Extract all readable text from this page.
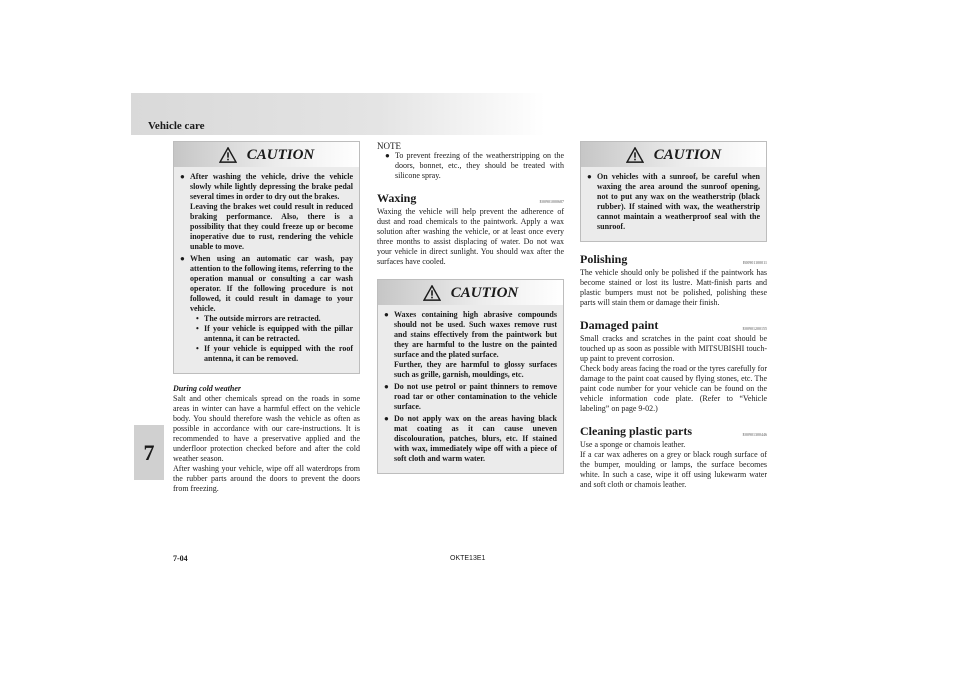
Vehicle care
7
CAUTION
● After washing the vehicle, drive the vehicle slowly while lightly depressing the brake pedal several times in order to dry out the brakes.

Leaving the brakes wet could result in reduced braking performance. Also, there is a possibility that they could freeze up or become inoperative due to rust, rendering the vehicle unable to move.

● When using an automatic car wash, pay attention to the following items, referring to the operation manual or consulting a car wash operator. If the following procedure is not followed, it could result in damage to your vehicle.

• The outside mirrors are retracted.
• If your vehicle is equipped with the pillar antenna, it can be retracted.
• If your vehicle is equipped with the roof antenna, it can be removed.
During cold weather

Salt and other chemicals spread on the roads in some areas in winter can have a harmful effect on the vehicle body. You should therefore wash the vehicle as often as possible in accordance with our care-instructions. It is recommended to have a preservative applied and the underfloor protection checked before and after the cold weather season.

After washing your vehicle, wipe off all waterdrops from the rubber parts around the doors to prevent the doors from freezing.

NOTE
● To prevent freezing of the weatherstripping on the doors, bonnet, etc., they should be treated with silicone spray.
Waxing	E00901000687

Waxing the vehicle will help prevent the adherence of dust and road chemicals to the paintwork. Apply a wax solution after washing the vehicle, or at least once every three months to assist displacing of water. Do not wax your vehicle in direct sunlight. You should wax after the surfaces have cooled.

CAUTION
● Waxes containing high abrasive compounds should not be used. Such waxes remove rust and stains effectively from the paintwork but they are harmful to the lustre on the painted surface and the plated surface.

Further, they are harmful to glossy surfaces such as grille, garnish, mouldings, etc.

● Do not use petrol or paint thinners to remove road tar or other contamination to the vehicle surface.

● Do not apply wax on the areas having black mat coating as it can cause uneven discolouration, patches, blurs, etc. If stained with wax, immediately wipe off with a piece of soft cloth and warm water.

CAUTION
● On vehicles with a sunroof, be careful when waxing the area around the sunroof opening, not to put any wax on the weatherstrip (black rubber). If stained with wax, the weatherstrip cannot maintain a weatherproof seal with the sunroof.

Polishing	E00901100011

The vehicle should only be polished if the paintwork has become stained or lost its lustre. Matt-finish parts and plastic bumpers must not be polished, polishing these parts will stain them or damage their finish.

Damaged paint	E00901200155

Small cracks and scratches in the paint coat should be touched up as soon as possible with MITSUBISHI touch-up paint to prevent corrosion.

Check body areas facing the road or the tyres carefully for damage to the paint coat caused by flying stones, etc. The paint code number for your vehicle can be found on the vehicle information code plate. (Refer to “Vehicle labeling” on page 9-02.)

Cleaning plastic parts	E00901300446

Use a sponge or chamois leather.

If a car wax adheres on a grey or black rough surface of the bumper, moulding or lamps, the surface becomes white. In such a case, wipe it off using lukewarm water and soft cloth or chamois leather.

7-04	OKTE13E1
